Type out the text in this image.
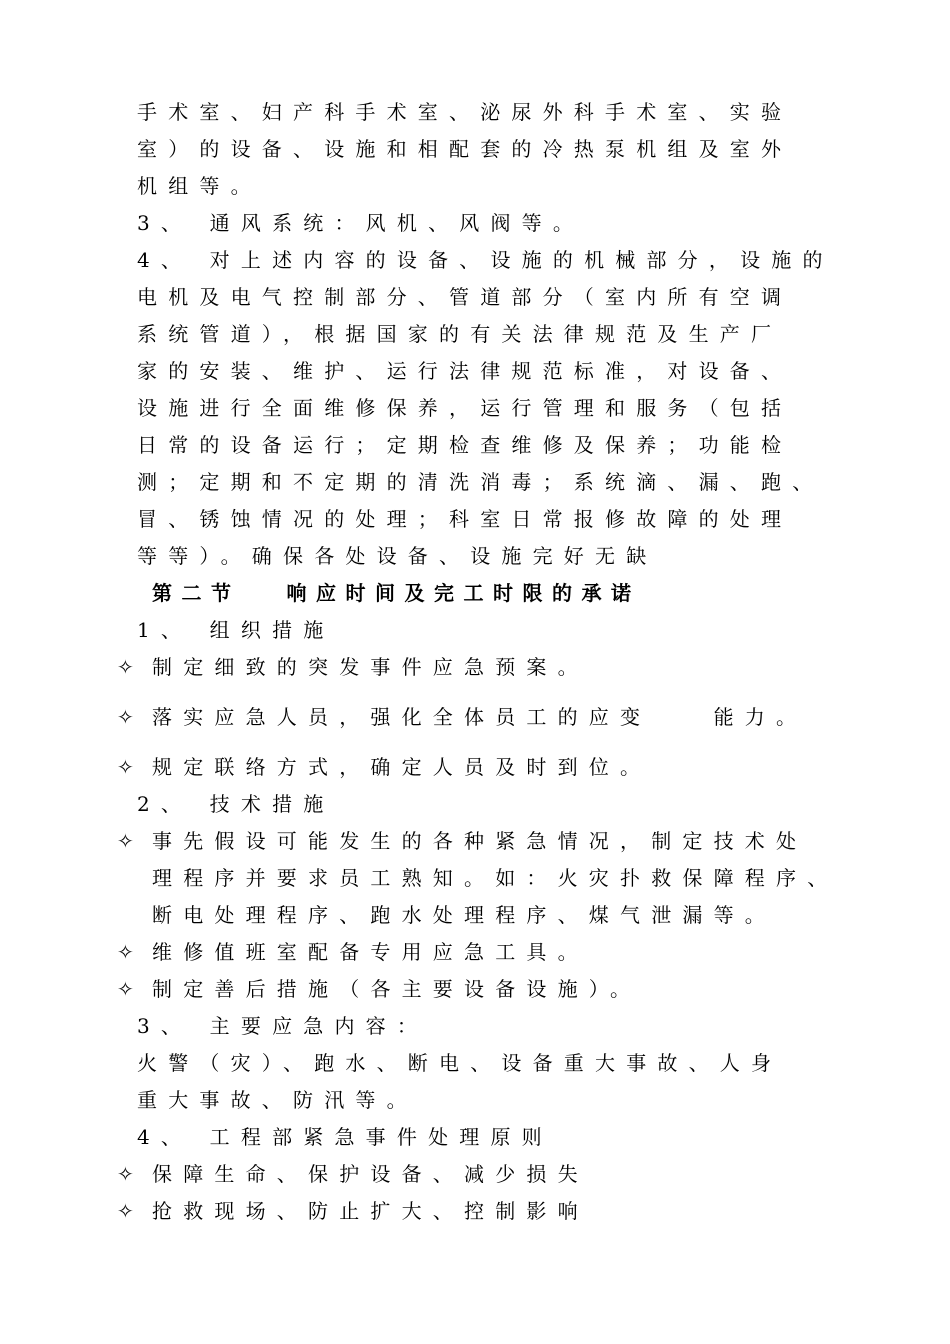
手术室、妇产科手术室、泌尿外科手术室、实验
室）的设备、设施和相配套的冷热泵机组及室外
机组等。
3、 通风系统：风机、风阀等。
4、 对上述内容的设备、设施的机械部分，设施的
电机及电气控制部分、管道部分（室内所有空调
系统管道），根据国家的有关法律规范及生产厂
家的安装、维护、运行法律规范标准，对设备、
设施进行全面维修保养，运行管理和服务（包括
日常的设备运行；定期检查维修及保养；功能检
测；定期和不定期的清洗消毒；系统滴、漏、跑、
冒、锈蚀情况的处理；科室日常报修故障的处理
等等）。确保各处设备、设施完好无缺
第二节　 响应时间及完工时限的承诺
1、 组织措施
✧ 制定细致的突发事件应急预案。
✧ 落实应急人员，强化全体员工的应变　　能力。
✧ 规定联络方式，确定人员及时到位。
2、 技术措施
✧ 事先假设可能发生的各种紧急情况，制定技术处
理程序并要求员工熟知。如：火灾扑救保障程序、
断电处理程序、跑水处理程序、煤气泄漏等。
✧ 维修值班室配备专用应急工具。
✧ 制定善后措施（各主要设备设施）。
3、 主要应急内容：
火警（灾）、跑水、断电、设备重大事故、人身
重大事故、防汛等。
4、 工程部紧急事件处理原则
✧ 保障生命、保护设备、减少损失
✧ 抢救现场、防止扩大、控制影响
